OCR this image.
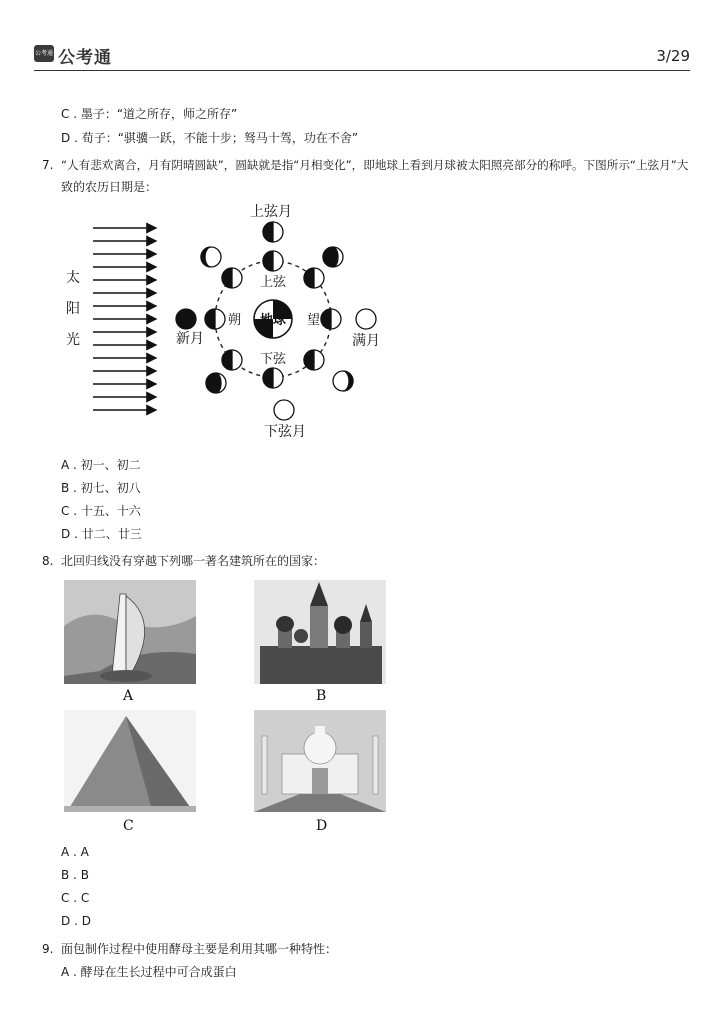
公考通 公考通	3/29
C . 墨子：“道之所存，师之所存”
D . 荀子：“骐骥一跃，不能十步；驽马十驾，功在不舍”
7. “人有悲欢离合，月有阴晴圆缺”，圆缺就是指“月相变化”，即地球上看到月球被太阳照亮部分的称呼。下图所示“上弦月”大
致的农历日期是：
太
阳
光
地球
上弦
朔	望
下弦
上弦月
新月	满月
下弦月
A . 初一、初二
B . 初七、初八
C . 十五、十六
D . 廿二、廿三
8. 北回归线没有穿越下列哪一著名建筑所在的国家：
A	B
C	D
A . A
B . B
C . C
D . D
9. 面包制作过程中使用酵母主要是利用其哪一种特性：
A . 酵母在生长过程中可合成蛋白
